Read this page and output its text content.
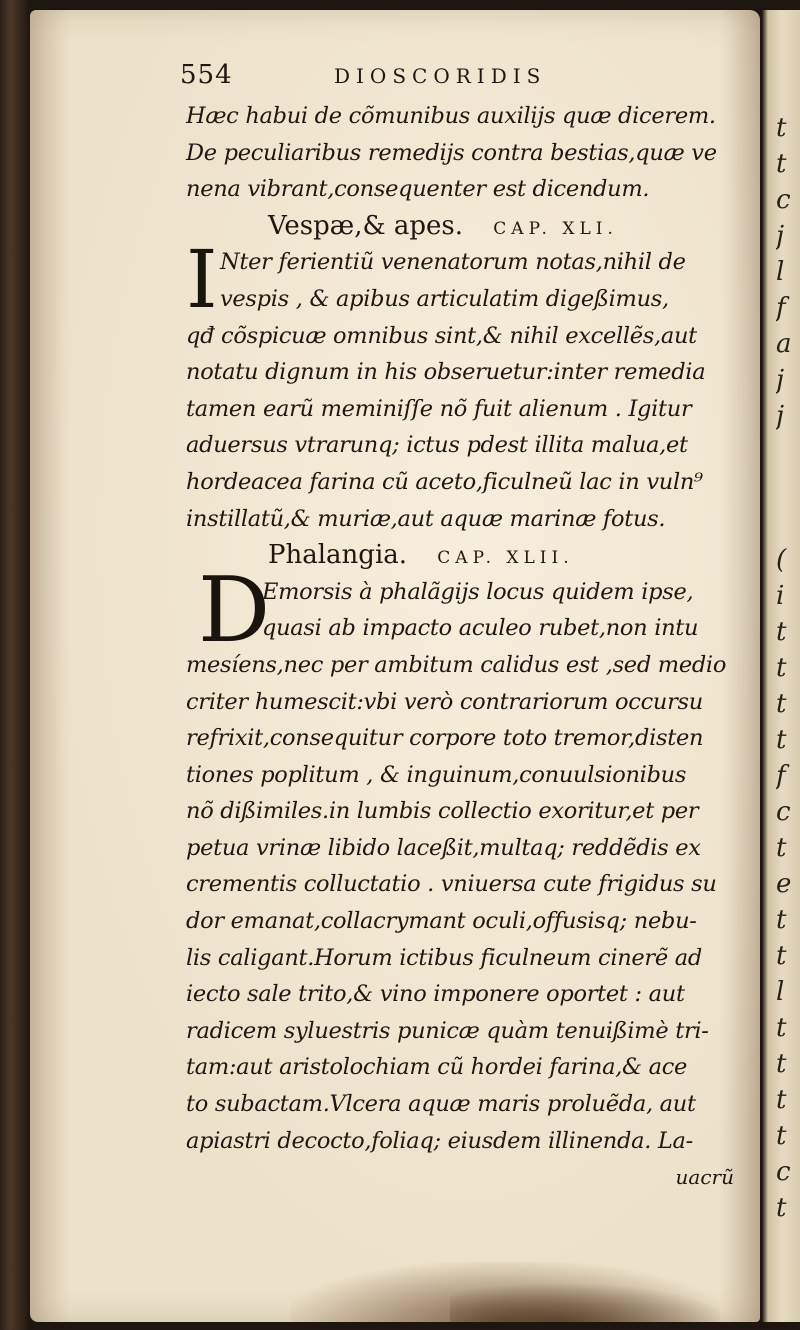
t
t
c
j
l
f
a
j
j
(
i
t
t
t
t
f
c
t
e
t
t
l
t
t
t
t
c
t
554	DIOSCORIDIS
Hæc habui de cõmunibus auxilijs quæ dicerem.
De peculiaribus remedijs contra bestias,quæ ve
nena vibrant,consequenter est dicendum.
Vespæ,& apes. CAP. XLI.
I Nter ferientiũ venenatorum notas,nihil de
vespis , & apibus articulatim digeßimus,
qđ cõspicuæ omnibus sint,& nihil excellẽs,aut
notatu dignum in his obseruetur:inter remedia
tamen earũ meminiſſe nõ fuit alienum . Igitur
aduersus vtrarunq; ictus pdest illita malua,et
hordeacea farina cũ aceto,ficulneũ lac in vuln⁹
instillatũ,& muriæ,aut aquæ marinæ fotus.
Phalangia. CAP. XLII.
D
Emorsis à phalãgijs locus quidem ipse,
quasi ab impacto aculeo rubet,non intu
mesíens,nec per ambitum calidus est ,sed medio
criter humescit:vbi verò contrariorum occursu
refrixit,consequitur corpore toto tremor,disten
tiones poplitum , & inguinum,conuulsionibus
nõ dißimiles.in lumbis collectio exoritur,et per
petua vrinæ libido laceßit,multaq; reddẽdis ex
crementis colluctatio . vniuersa cute frigidus su
dor emanat,collacrymant oculi,offusisq; nebu-
lis caligant.Horum ictibus ficulneum cinerẽ ad
iecto sale trito,& vino imponere oportet : aut
radicem syluestris punicæ quàm tenuißimè tri-
tam:aut aristolochiam cũ hordei farina,& ace
to subactam.Vlcera aquæ maris proluẽda, aut
apiastri decocto,foliaq; eiusdem illinenda. La-
uacrũ
